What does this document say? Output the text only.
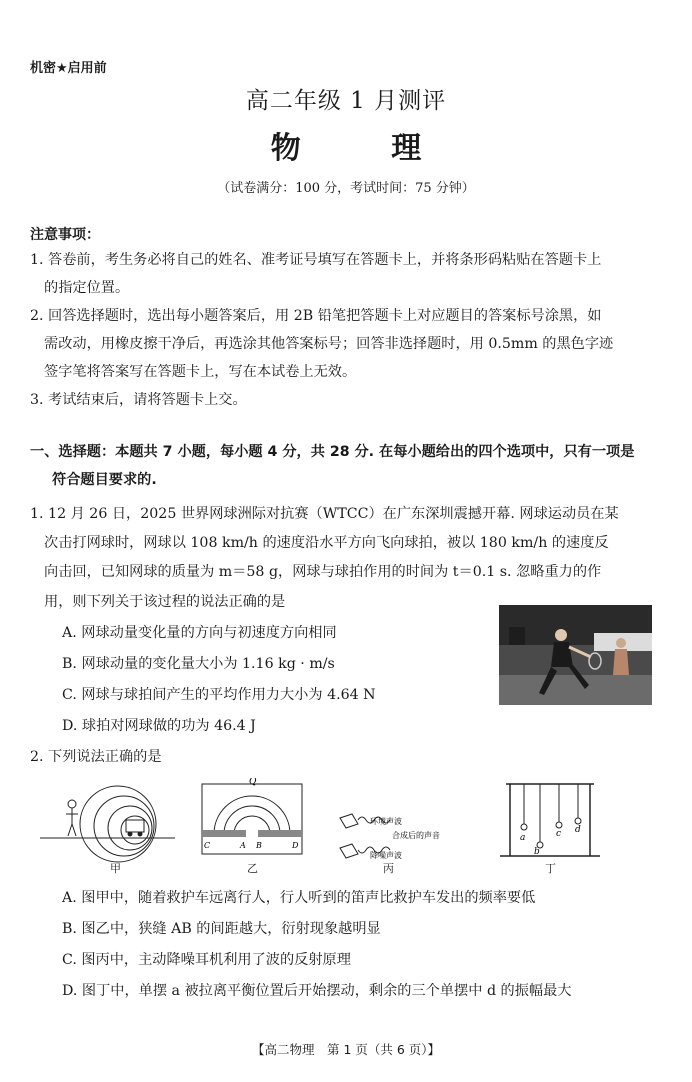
机密★启用前
高二年级 1 月测评
物 理
（试卷满分：100 分，考试时间：75 分钟）
注意事项：
1. 答卷前，考生务必将自己的姓名、准考证号填写在答题卡上，并将条形码粘贴在答题卡上
的指定位置。
2. 回答选择题时，选出每小题答案后，用 2B 铅笔把答题卡上对应题目的答案标号涂黑，如
需改动，用橡皮擦干净后，再选涂其他答案标号；回答非选择题时，用 0.5mm 的黑色字迹
签字笔将答案写在答题卡上，写在本试卷上无效。
3. 考试结束后，请将答题卡上交。
一、选择题：本题共 7 小题，每小题 4 分，共 28 分. 在每小题给出的四个选项中，只有一项是
符合题目要求的.
1. 12 月 26 日，2025 世界网球洲际对抗赛（WTCC）在广东深圳震撼开幕. 网球运动员在某
次击打网球时，网球以 108 km/h 的速度沿水平方向飞向球拍，被以 180 km/h 的速度反
向击回，已知网球的质量为 m＝58 g，网球与球拍作用的时间为 t＝0.1 s. 忽略重力的作
用，则下列关于该过程的说法正确的是
A. 网球动量变化量的方向与初速度方向相同
B. 网球动量的变化量大小为 1.16 kg · m/s
C. 网球与球拍间产生的平均作用力大小为 4.64 N
D. 球拍对网球做的功为 46.4 J
2. 下列说法正确的是
Q
C	A B	D
环境声波
合成后的声音
降噪声波
a
b
c d
甲	乙	丙	丁
A. 图甲中，随着救护车远离行人，行人听到的笛声比救护车发出的频率要低
B. 图乙中，狭缝 AB 的间距越大，衍射现象越明显
C. 图丙中，主动降噪耳机利用了波的反射原理
D. 图丁中，单摆 a 被拉离平衡位置后开始摆动，剩余的三个单摆中 d 的振幅最大
【高二物理　第 1 页（共 6 页）】
